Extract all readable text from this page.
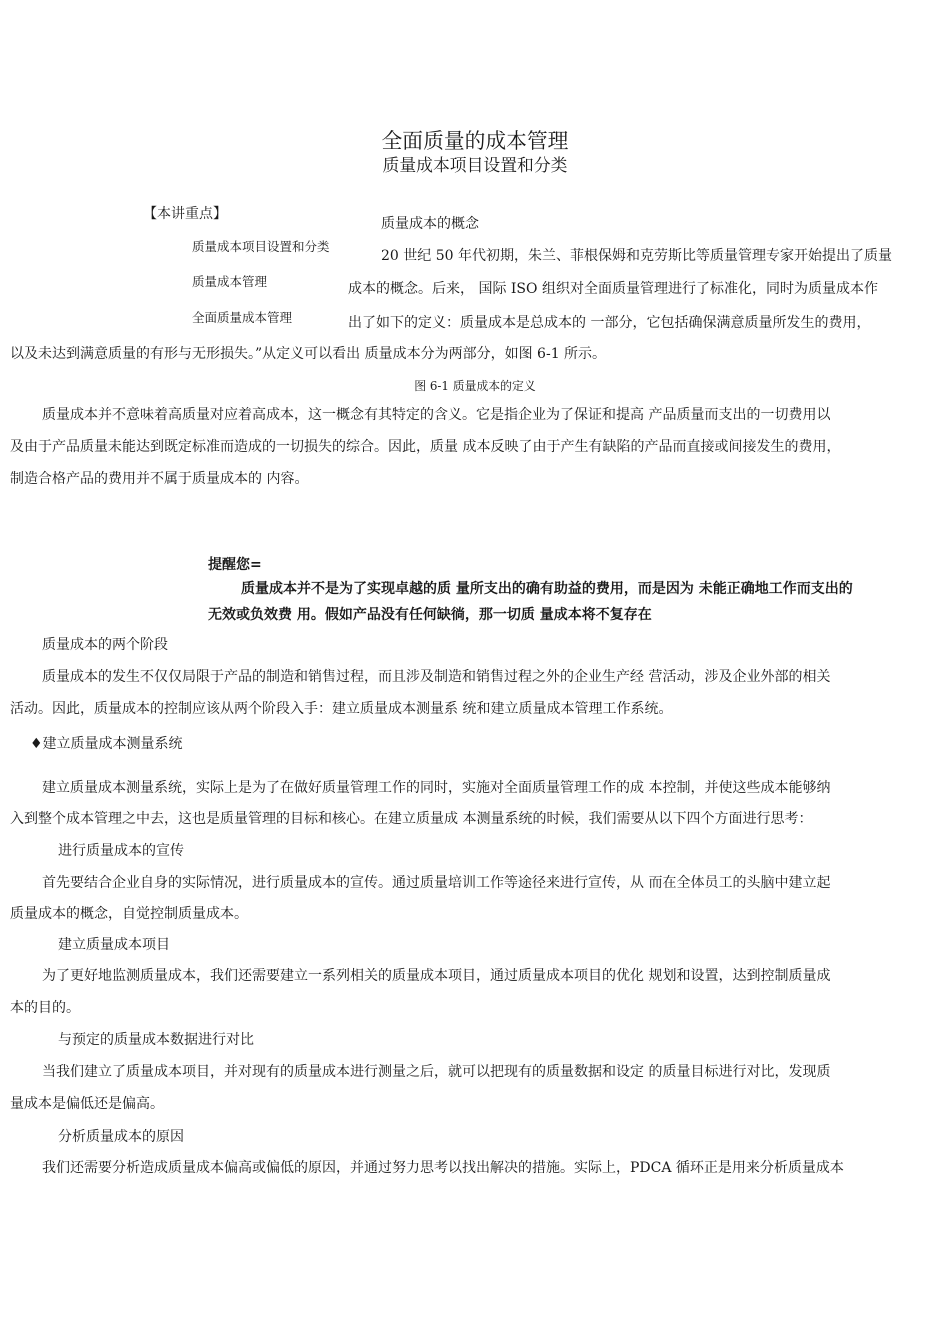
全面质量的成本管理
质量成本项目设置和分类
【本讲重点】
质量成本项目设置和分类
质量成本管理
全面质量成本管理
质量成本的概念
20 世纪 50 年代初期，朱兰、菲根保姆和克劳斯比等质量管理专家开始提出了质量
成本的概念。后来， 国际 ISO 组织对全面质量管理进行了标准化，同时为质量成本作
出了如下的定义：质量成本是总成本的 一部分，它包括确保满意质量所发生的费用，
以及未达到满意质量的有形与无形损失。”从定义可以看出 质量成本分为两部分，如图 6-1 所示。
图 6-1 质量成本的定义
质量成本并不意味着高质量对应着高成本，这一概念有其特定的含义。它是指企业为了保证和提高 产品质量而支出的一切费用以
及由于产品质量未能达到既定标准而造成的一切损失的综合。因此，质量 成本反映了由于产生有缺陷的产品而直接或间接发生的费用，
制造合格产品的费用并不属于质量成本的 内容。
提醒您=
质量成本并不是为了实现卓越的质 量所支出的确有助益的费用，而是因为 未能正确地工作而支出的
无效或负效费 用。假如产品没有任何缺徜，那一切质 量成本将不复存在
质量成本的两个阶段
质量成本的发生不仅仅局限于产品的制造和销售过程，而且涉及制造和销售过程之外的企业生产经 营活动，涉及企业外部的相关
活动。因此，质量成本的控制应该从两个阶段入手：建立质量成本测量系 统和建立质量成本管理工作系统。
♦建立质量成本测量系统
建立质量成本测量系统，实际上是为了在做好质量管理工作的同时，实施对全面质量管理工作的成 本控制，并使这些成本能够纳
入到整个成本管理之中去，这也是质量管理的目标和核心。在建立质量成 本测量系统的时候，我们需要从以下四个方面进行思考：
进行质量成本的宣传
首先要结合企业自身的实际情况，进行质量成本的宣传。通过质量培训工作等途径来进行宣传，从 而在全体员工的头脑中建立起
质量成本的概念，自觉控制质量成本。
建立质量成本项目
为了更好地监测质量成本，我们还需要建立一系列相关的质量成本项目，通过质量成本项目的优化 规划和设置，达到控制质量成
本的目的。
与预定的质量成本数据进行对比
当我们建立了质量成本项目，并对现有的质量成本进行测量之后，就可以把现有的质量数据和设定 的质量目标进行对比，发现质
量成本是偏低还是偏高。
分析质量成本的原因
我们还需要分析造成质量成本偏高或偏低的原因，并通过努力思考以找出解决的措施。实际上，PDCA 循环正是用来分析质量成本
